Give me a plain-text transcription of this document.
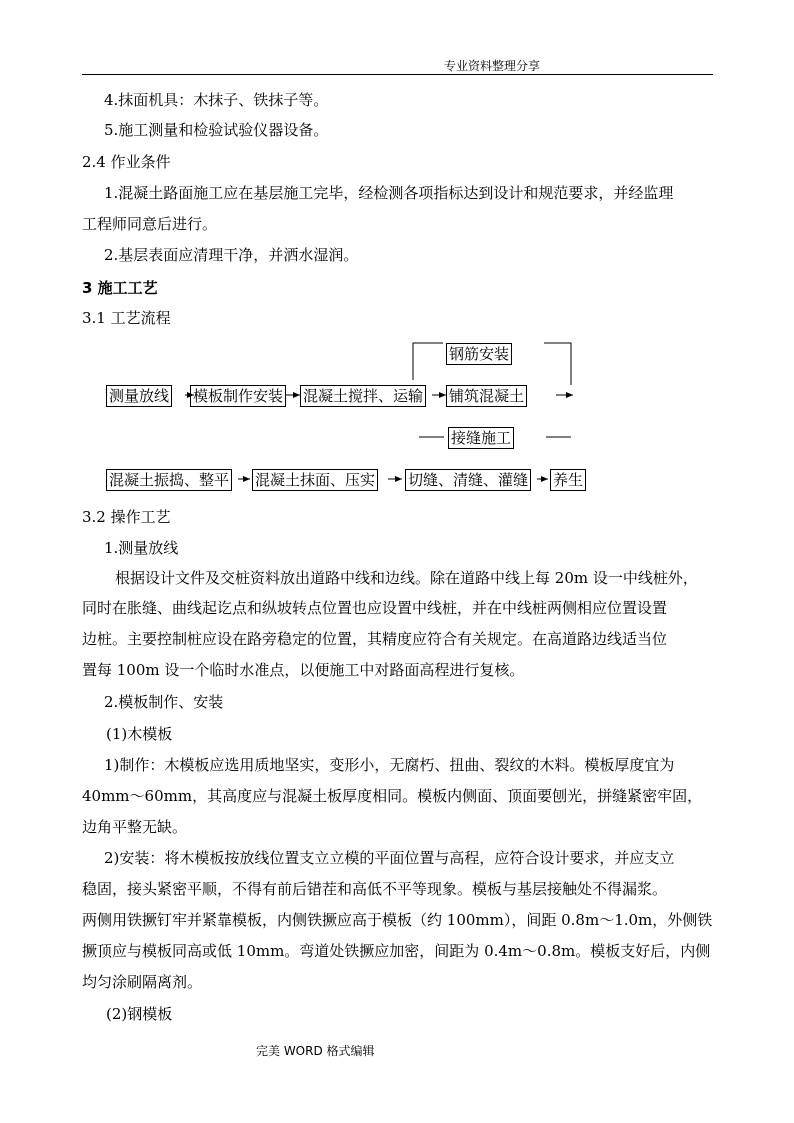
专业资料整理分享
4.抹面机具：木抹子、铁抹子等。
5.施工测量和检验试验仪器设备。
2.4 作业条件
1.混凝土路面施工应在基层施工完毕，经检测各项指标达到设计和规范要求，并经监理
工程师同意后进行。
2.基层表面应清理干净，并洒水湿润。
3 施工工艺
3.1 工艺流程
钢筋安装
测量放线 模板制作安装 混凝土搅拌、运输 铺筑混凝土
接缝施工
混凝土振捣、整平 混凝土抹面、压实 切缝、清缝、灌缝 养生
3.2 操作工艺
1.测量放线
根据设计文件及交桩资料放出道路中线和边线。除在道路中线上每 20m 设一中线桩外，
同时在胀缝、曲线起讫点和纵坡转点位置也应设置中线桩，并在中线桩两侧相应位置设置
边桩。主要控制桩应设在路旁稳定的位置，其精度应符合有关规定。在高道路边线适当位
置每 100m 设一个临时水准点，以便施工中对路面高程进行复核。
2.模板制作、安装
(1)木模板
1)制作：木模板应选用质地坚实，变形小，无腐朽、扭曲、裂纹的木料。模板厚度宜为
40mm～60mm，其高度应与混凝土板厚度相同。模板内侧面、顶面要刨光，拼缝紧密牢固，
边角平整无缺。
2)安装：将木模板按放线位置支立立模的平面位置与高程，应符合设计要求，并应支立
稳固，接头紧密平顺，不得有前后错茬和高低不平等现象。模板与基层接触处不得漏浆。
两侧用铁撅钉牢并紧靠模板，内侧铁撅应高于模板（约 100mm），间距 0.8m～1.0m，外侧铁
撅顶应与模板同高或低 10mm。弯道处铁撅应加密，间距为 0.4m～0.8m。模板支好后，内侧
均匀涂刷隔离剂。
(2)钢模板
完美 WORD 格式编辑
